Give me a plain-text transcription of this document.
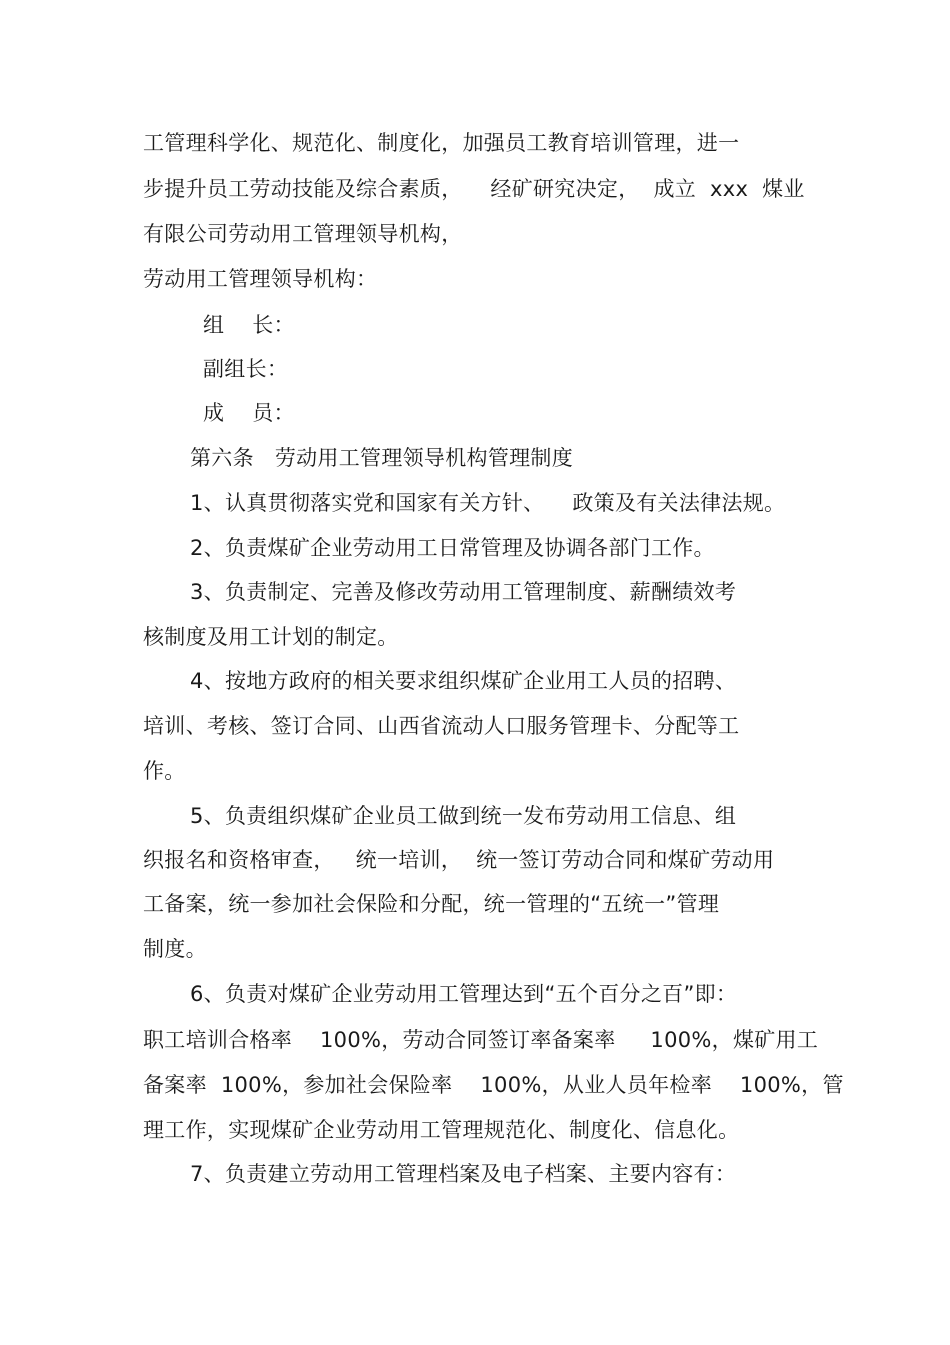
工管理科学化、规范化、制度化，加强员工教育培训管理，进一
步提升员工劳动技能及综合素质，    经矿研究决定，  成立  xxx  煤业
有限公司劳动用工管理领导机构，
劳动用工管理领导机构：
组    长：
副组长：
成    员：
第六条   劳动用工管理领导机构管理制度
1、认真贯彻落实党和国家有关方针、    政策及有关法律法规。
2、负责煤矿企业劳动用工日常管理及协调各部门工作。
3、负责制定、完善及修改劳动用工管理制度、薪酬绩效考
核制度及用工计划的制定。
4、按地方政府的相关要求组织煤矿企业用工人员的招聘、
培训、考核、签订合同、山西省流动人口服务管理卡、分配等工
作。
5、负责组织煤矿企业员工做到统一发布劳动用工信息、组
织报名和资格审查，   统一培训，  统一签订劳动合同和煤矿劳动用
工备案，统一参加社会保险和分配，统一管理的“五统一”管理
制度。
6、负责对煤矿企业劳动用工管理达到“五个百分之百”即：
职工培训合格率    100%，劳动合同签订率备案率     100%，煤矿用工
备案率  100%，参加社会保险率    100%，从业人员年检率    100%，管
理工作，实现煤矿企业劳动用工管理规范化、制度化、信息化。
7、负责建立劳动用工管理档案及电子档案、主要内容有：
